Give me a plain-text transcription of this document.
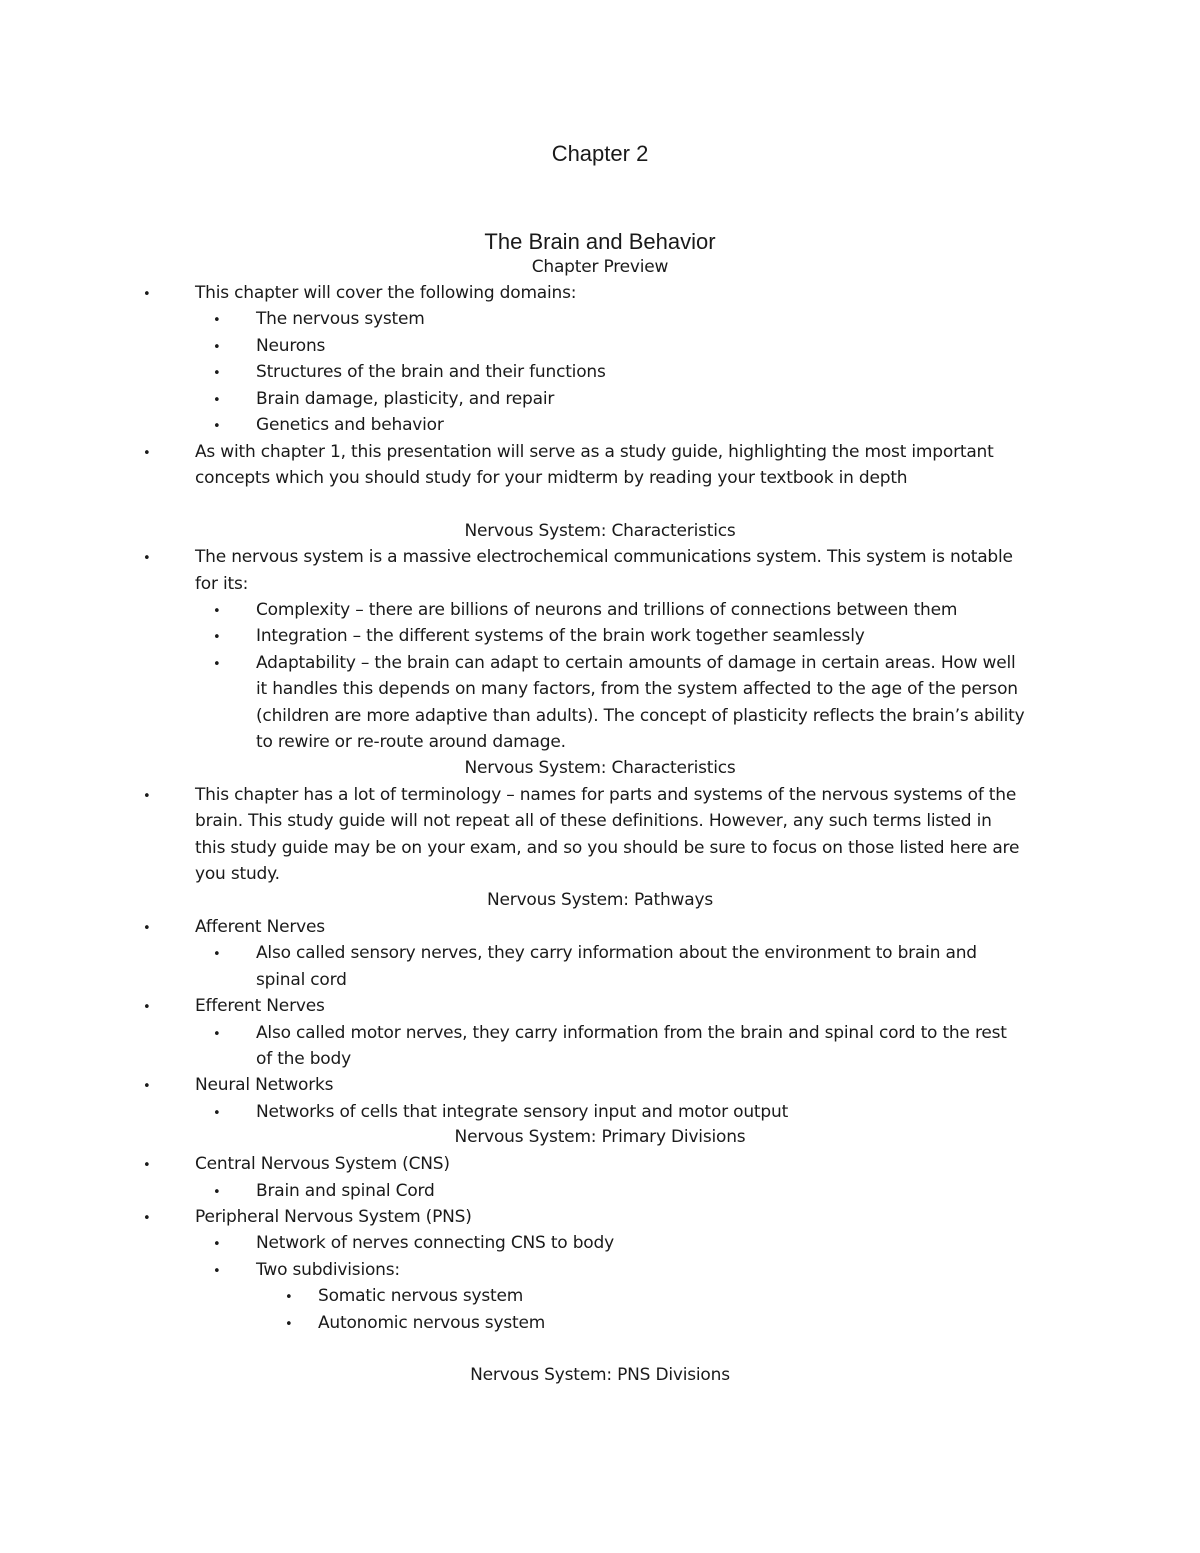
Chapter 2
The Brain and Behavior
Chapter Preview
•	This chapter will cover the following domains:
• The nervous system
• Neurons
• Structures of the brain and their functions
• Brain damage, plasticity, and repair
• Genetics and behavior
•	As with chapter 1, this presentation will serve as a study guide, highlighting the most important
concepts which you should study for your midterm by reading your textbook in depth
Nervous System: Characteristics
•	The nervous system is a massive electrochemical communications system. This system is notable
for its:
• Complexity – there are billions of neurons and trillions of connections between them
• Integration – the different systems of the brain work together seamlessly
• Adaptability – the brain can adapt to certain amounts of damage in certain areas. How well
it handles this depends on many factors, from the system affected to the age of the person
(children are more adaptive than adults). The concept of plasticity reflects the brain’s ability
to rewire or re-route around damage.
Nervous System: Characteristics
•	This chapter has a lot of terminology – names for parts and systems of the nervous systems of the
brain. This study guide will not repeat all of these definitions. However, any such terms listed in
this study guide may be on your exam, and so you should be sure to focus on those listed here are
you study.
Nervous System: Pathways
•	Afferent Nerves
• Also called sensory nerves, they carry information about the environment to brain and
spinal cord
•	Efferent Nerves
• Also called motor nerves, they carry information from the brain and spinal cord to the rest
of the body
•	Neural Networks
• Networks of cells that integrate sensory input and motor output
Nervous System: Primary Divisions
•	Central Nervous System (CNS)
• Brain and spinal Cord
•	Peripheral Nervous System (PNS)
• Network of nerves connecting CNS to body
• Two subdivisions:
• Somatic nervous system
• Autonomic nervous system
Nervous System: PNS Divisions
